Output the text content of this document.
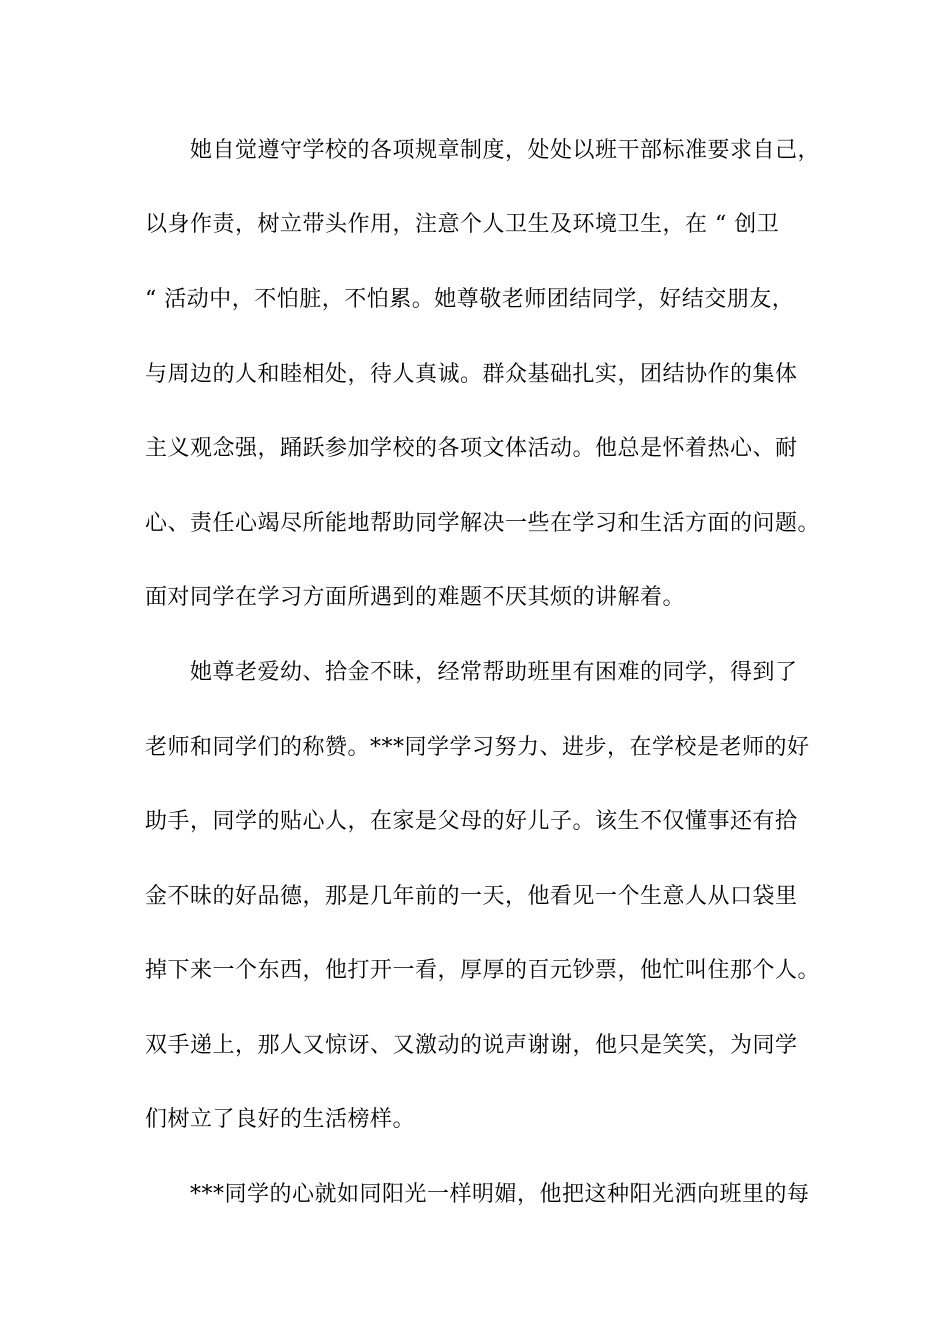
她自觉遵守学校的各项规章制度，处处以班干部标准要求自己，
以身作责，树立带头作用，注意个人卫生及环境卫生，在 “ 创卫
“ 活动中，不怕脏，不怕累。她尊敬老师团结同学，好结交朋友，
与周边的人和睦相处，待人真诚。群众基础扎实，团结协作的集体
主义观念强，踊跃参加学校的各项文体活动。他总是怀着热心、耐
心、责任心竭尽所能地帮助同学解决一些在学习和生活方面的问题。
面对同学在学习方面所遇到的难题不厌其烦的讲解着。
她尊老爱幼、拾金不昧，经常帮助班里有困难的同学，得到了
老师和同学们的称赞。***同学学习努力、进步，在学校是老师的好
助手，同学的贴心人，在家是父母的好儿子。该生不仅懂事还有拾
金不昧的好品德，那是几年前的一天，他看见一个生意人从口袋里
掉下来一个东西，他打开一看，厚厚的百元钞票，他忙叫住那个人。
双手递上，那人又惊讶、又激动的说声谢谢，他只是笑笑，为同学
们树立了良好的生活榜样。
***同学的心就如同阳光一样明媚，他把这种阳光洒向班里的每
